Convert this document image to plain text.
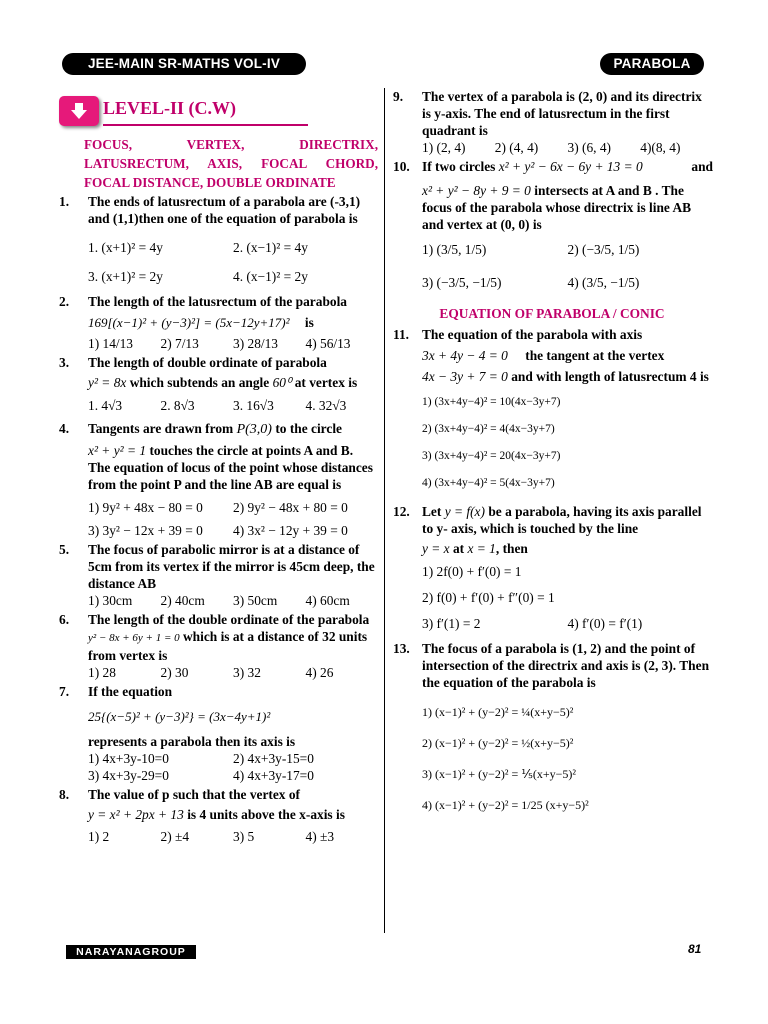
JEE-MAIN SR-MATHS VOL-IV	PARABOLA
LEVEL-II (C.W)
FOCUS, VERTEX, DIRECTRIX,
LATUSRECTUM, AXIS, FOCAL CHORD,
FOCAL DISTANCE, DOUBLE ORDINATE
1. The ends of latusrectum of a parabola are (-3,1) and (1,1)then one of the equation of parabola is
1. (x+1)² = 4y	2. (x−1)² = 4y
3. (x+1)² = 2y	4. (x−1)² = 2y
2. The length of the latusrectum of the parabola
169[(x−1)² + (y−3)²] = (5x−12y+17)² is
1) 14/13	2) 7/13	3) 28/13	4) 56/13
3. The length of double ordinate of parabola
y² = 8x which subtends an angle 60⁰ at vertex is
1. 4√3	2. 8√3	3. 16√3	4. 32√3
4. Tangents are drawn from P(3,0) to the circle
x² + y² = 1 touches the circle at points A and B. The equation of locus of the point whose distances from the point P and the line AB are equal is
1) 9y² + 48x − 80 = 0	2) 9y² − 48x + 80 = 0
3) 3y² − 12x + 39 = 0	4) 3x² − 12y + 39 = 0
5. The focus of parabolic mirror is at a distance of 5cm from its vertex if the mirror is 45cm deep, the distance AB
1) 30cm	2) 40cm	3) 50cm	4) 60cm
6. The length of the double ordinate of the parabola y² − 8x + 6y + 1 = 0 which is at a distance of 32 units from vertex is
1) 28	2) 30	3) 32	4) 26
7. If the equation
25{(x−5)² + (y−3)²} = (3x−4y+1)²
represents a parabola then its axis is
1) 4x+3y-10=0	2) 4x+3y-15=0
3) 4x+3y-29=0	4) 4x+3y-17=0
8. The value of p such that the vertex of
y = x² + 2px + 13 is 4 units above the x-axis is
1) 2	2) ±4	3) 5	4) ±3
9. The vertex of a parabola is (2, 0) and its directrix is y-axis. The end of latusrectum in the first quadrant is
1) (2, 4)	2) (4, 4)	3) (6, 4)	4)(8, 4)
10. If two circles x² + y² − 6x − 6y + 13 = 0	and
x² + y² − 8y + 9 = 0 intersects at A and B . The focus of the parabola whose directrix is line AB and vertex at (0, 0) is
1) (3/5, 1/5)	2) (−3/5, 1/5)
3) (−3/5, −1/5)	4) (3/5, −1/5)
EQUATION OF PARABOLA / CONIC
11. The equation of the parabola with axis
3x + 4y − 4 = 0 the tangent at the vertex
4x − 3y + 7 = 0 and with length of latusrectum 4 is
1) (3x+4y−4)² = 10(4x−3y+7)
2) (3x+4y−4)² = 4(4x−3y+7)
3) (3x+4y−4)² = 20(4x−3y+7)
4) (3x+4y−4)² = 5(4x−3y+7)
12. Let y = f(x) be a parabola, having its axis parallel to y- axis, which is touched by the line
y = x at x = 1, then
1) 2f(0) + f′(0) = 1
2) f(0) + f′(0) + f″(0) = 1
3) f′(1) = 2	4) f′(0) = f′(1)
13. The focus of a parabola is (1, 2) and the point of intersection of the directrix and axis is (2, 3). Then the equation of the parabola is
1) (x−1)² + (y−2)² = ¼(x+y−5)²
2) (x−1)² + (y−2)² = ½(x+y−5)²
3) (x−1)² + (y−2)² = ⅕(x+y−5)²
4) (x−1)² + (y−2)² = 1/25 (x+y−5)²
NARAYANAGROUP	81
